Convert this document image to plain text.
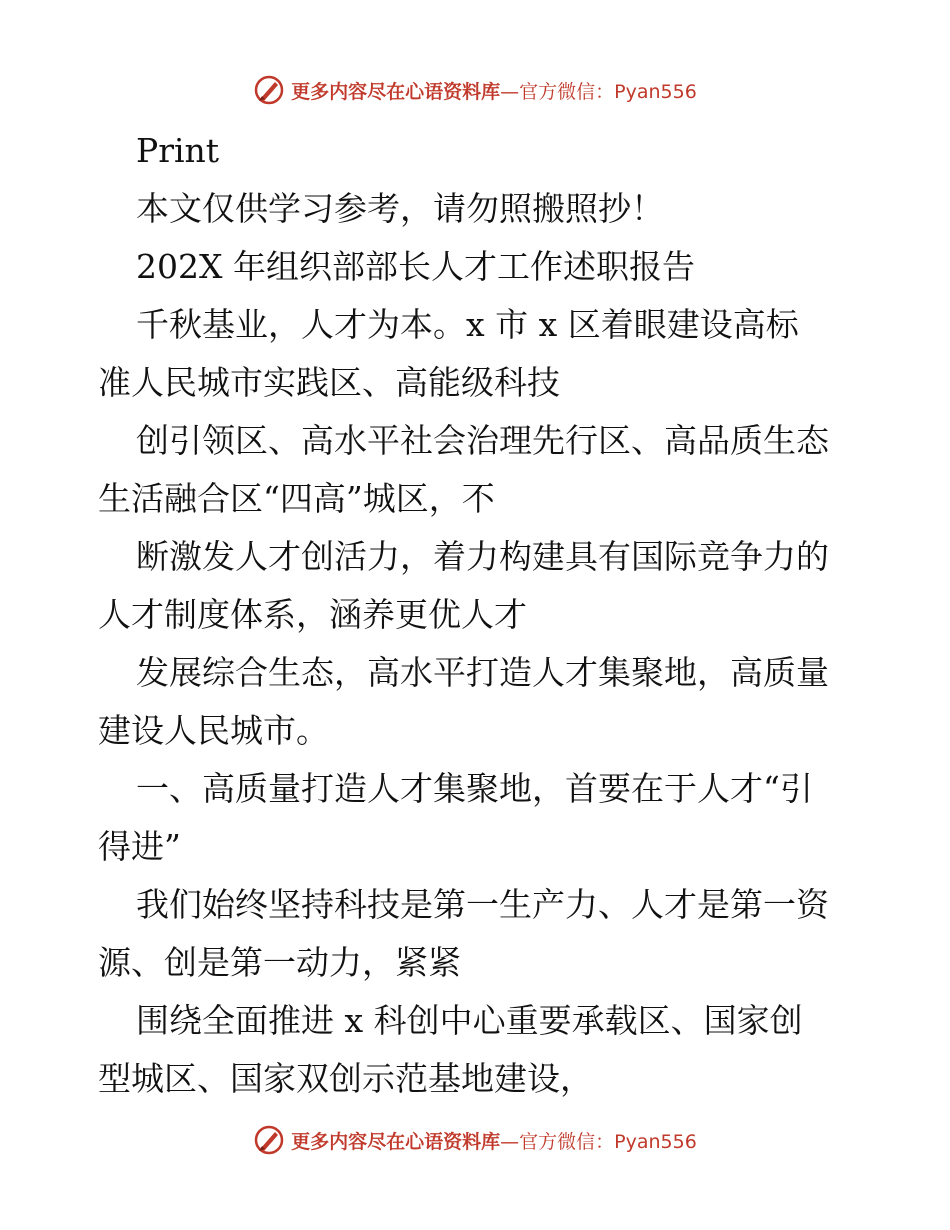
更多内容尽在心语资料库 —官方微信：Pyan556
Print
本文仅供学习参考，请勿照搬照抄！
202X 年组织部部长人才工作述职报告
千秋基业，人才为本。x 市 x 区着眼建设高标
准人民城市实践区、高能级科技
创引领区、高水平社会治理先行区、高品质生态
生活融合区“四高”城区，不
断激发人才创活力，着力构建具有国际竞争力的
人才制度体系，涵养更优人才
发展综合生态，高水平打造人才集聚地，高质量
建设人民城市。
一、高质量打造人才集聚地，首要在于人才“引
得进”
我们始终坚持科技是第一生产力、人才是第一资
源、创是第一动力，紧紧
围绕全面推进 x 科创中心重要承载区、国家创
型城区、国家双创示范基地建设，
更多内容尽在心语资料库 —官方微信：Pyan556
